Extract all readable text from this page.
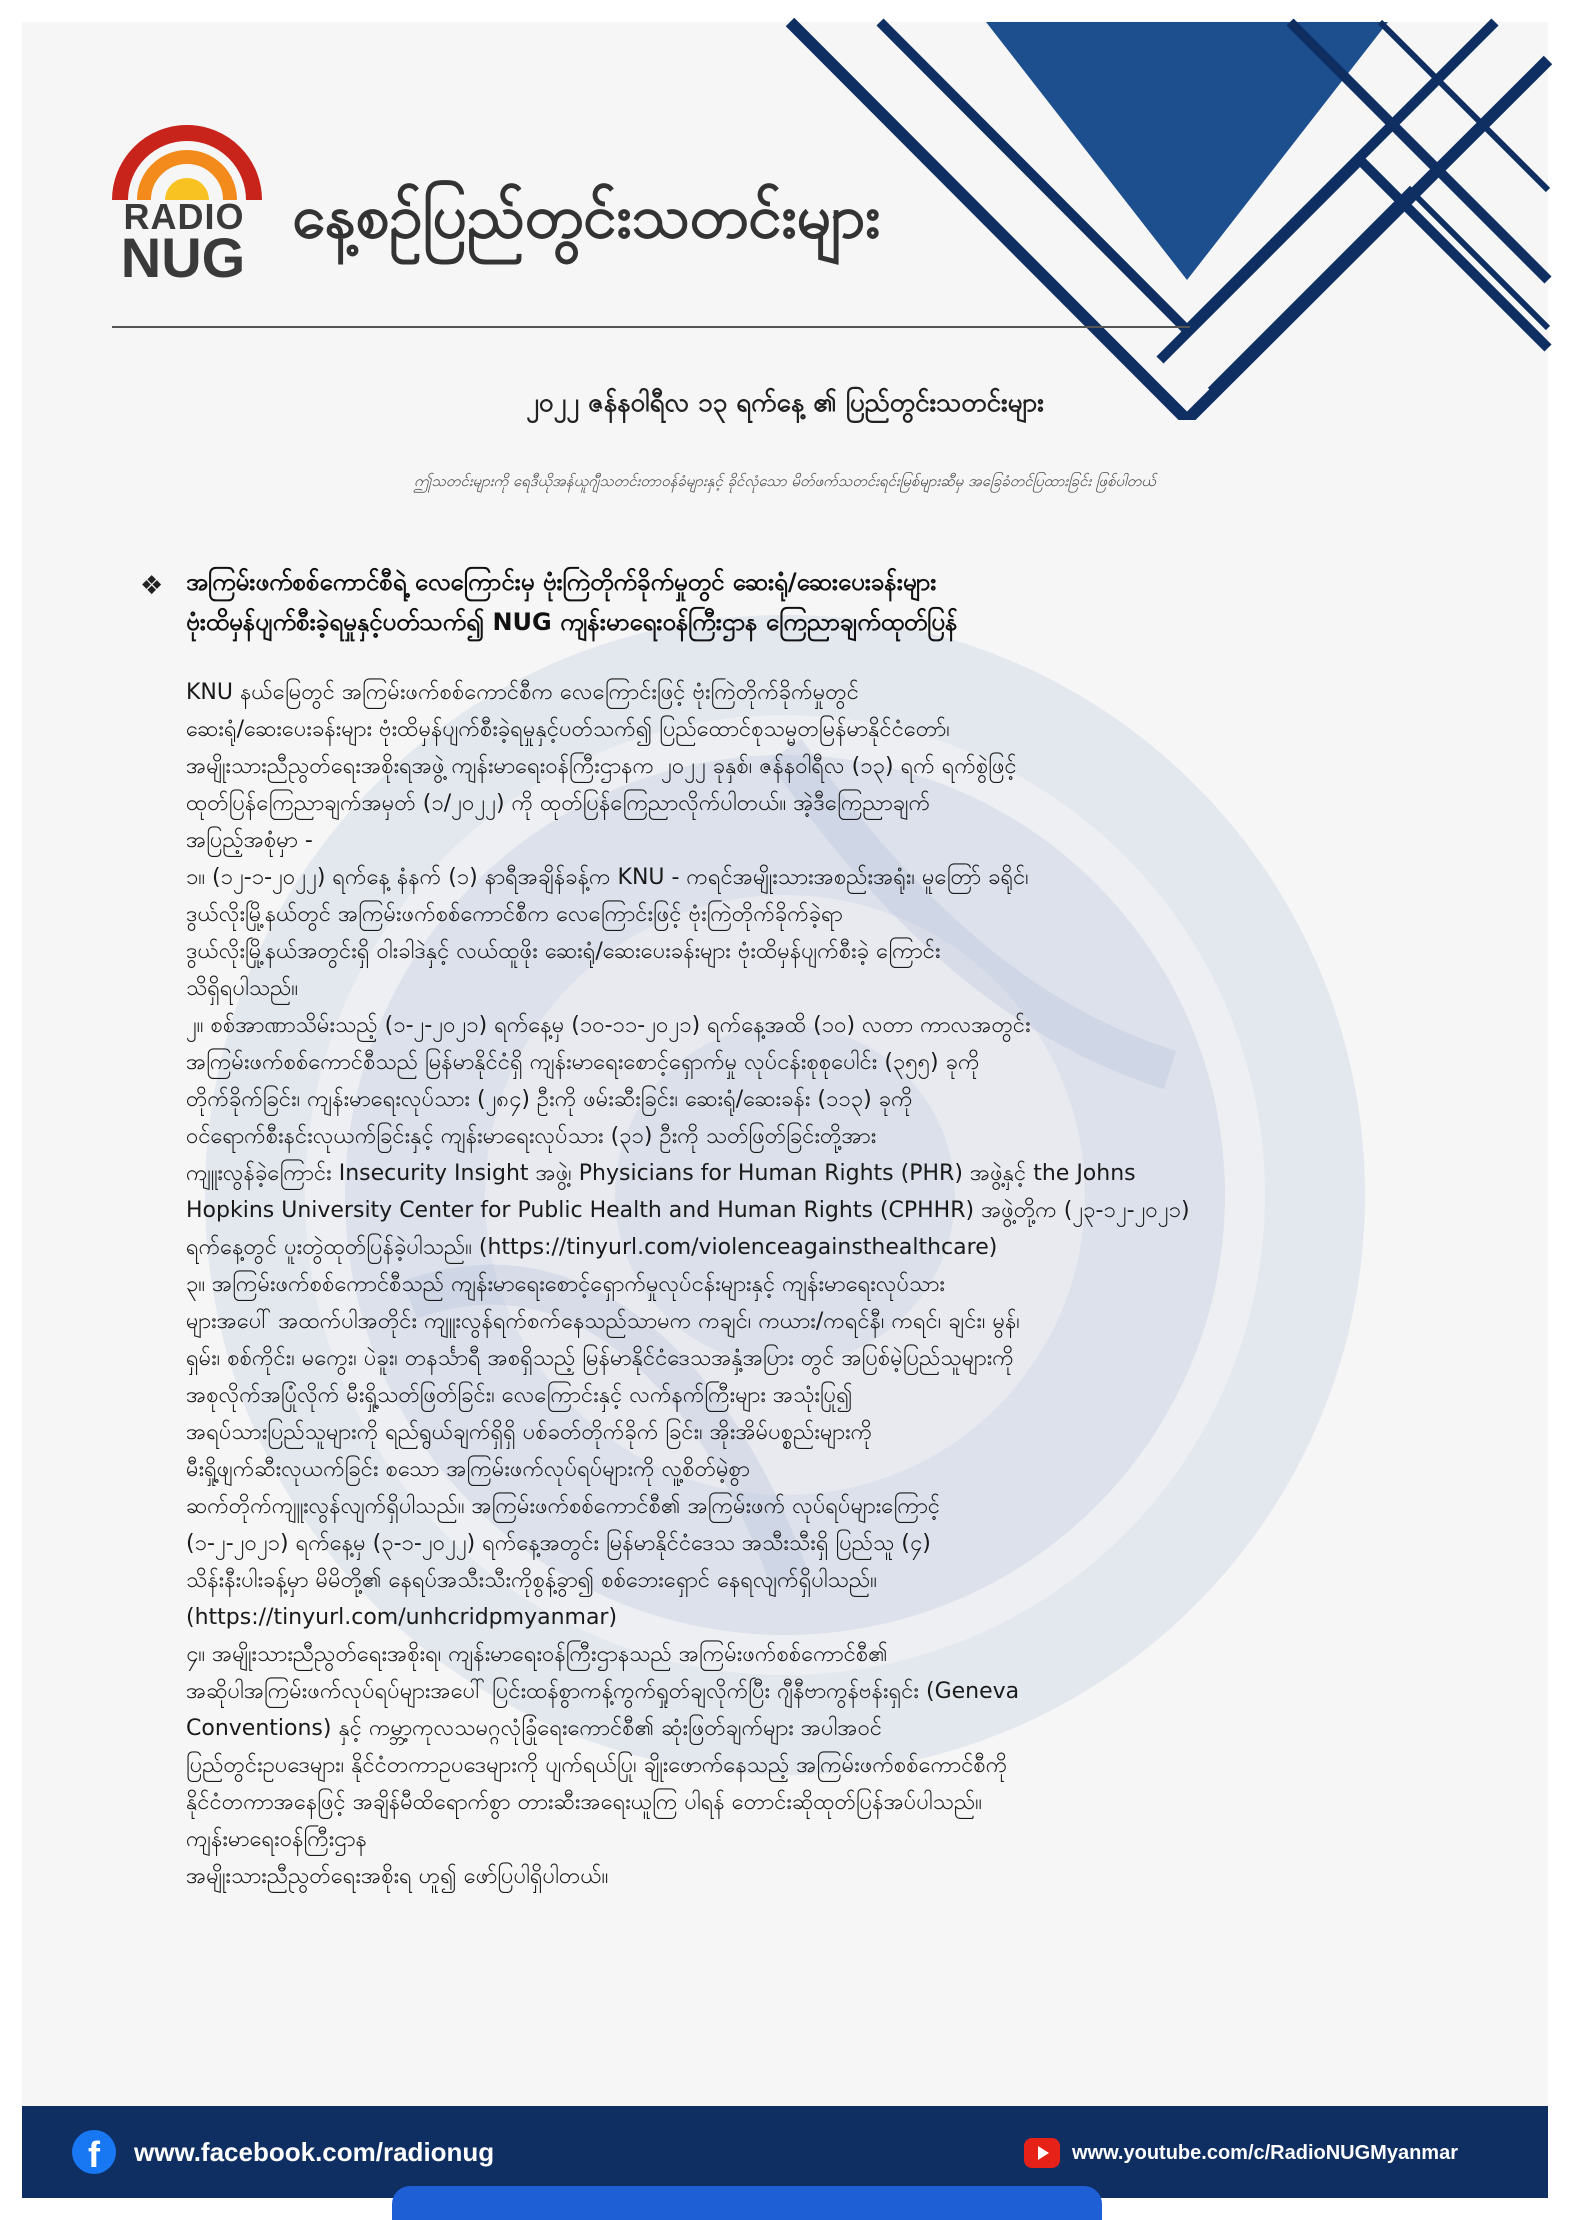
RADIO
NUG
နေ့စဉ်ပြည်တွင်းသတင်းများ
၂၀၂၂ ဇန်နဝါရီလ ၁၃ ရက်နေ့ ၏ ပြည်တွင်းသတင်းများ
ဤသတင်းများကို ရေဒီယိုအန်ယူဂျီသတင်းတာဝန်ခံများနှင့် ခိုင်လုံသော မိတ်ဖက်သတင်းရင်းမြစ်များဆီမှ အခြေခံတင်ပြထားခြင်း ဖြစ်ပါတယ်
❖ အကြမ်းဖက်စစ်ကောင်စီရဲ့ လေကြောင်းမှ ဗုံးကြဲတိုက်ခိုက်မှုတွင် ဆေးရုံ/ဆေးပေးခန်းများ
ဗုံးထိမှန်ပျက်စီးခဲ့ရမှုနှင့်ပတ်သက်၍ NUG ကျန်းမာရေးဝန်ကြီးဌာန ကြေညာချက်ထုတ်ပြန်

KNU နယ်မြေတွင် အကြမ်းဖက်စစ်ကောင်စီက လေကြောင်းဖြင့် ဗုံးကြဲတိုက်ခိုက်မှုတွင်

ဆေးရုံ/ဆေးပေးခန်းများ ဗုံးထိမှန်ပျက်စီးခဲ့ရမှုနှင့်ပတ်သက်၍ ပြည်ထောင်စုသမ္မတမြန်မာနိုင်ငံတော်၊

အမျိုးသားညီညွတ်ရေးအစိုးရအဖွဲ့ ကျန်းမာရေးဝန်ကြီးဌာနက ၂၀၂၂ ခုနှစ်၊ ဇန်နဝါရီလ (၁၃) ရက် ရက်စွဲဖြင့်

ထုတ်ပြန်ကြေညာချက်အမှတ် (၁/၂၀၂၂) ကို ထုတ်ပြန်ကြေညာလိုက်ပါတယ်။ အဲ့ဒီကြေညာချက်

အပြည့်အစုံမှာ -

၁။ (၁၂-၁-၂၀၂၂) ရက်နေ့ နံနက် (၁) နာရီအချိန်ခန့်က KNU - ကရင်အမျိုးသားအစည်းအရုံး၊ မူတြော် ခရိုင်၊

ဒွယ်လိုးမြို့နယ်တွင် အကြမ်းဖက်စစ်ကောင်စီက လေကြောင်းဖြင့် ဗုံးကြဲတိုက်ခိုက်ခဲ့ရာ

ဒွယ်လိုးမြို့နယ်အတွင်းရှိ ဝါးခါဒဲနှင့် လယ်ထူဖိုး ဆေးရုံ/ဆေးပေးခန်းများ ဗုံးထိမှန်ပျက်စီးခဲ့ ကြောင်း

သိရှိရပါသည်။

၂။ စစ်အာဏာသိမ်းသည့် (၁-၂-၂၀၂၁) ရက်နေ့မှ (၁၀-၁၁-၂၀၂၁) ရက်နေ့အထိ (၁၀) လတာ ကာလအတွင်း

အကြမ်းဖက်စစ်ကောင်စီသည် မြန်မာနိုင်ငံရှိ ကျန်းမာရေးစောင့်ရှောက်မှု လုပ်ငန်းစုစုပေါင်း (၃၅၅) ခုကို

တိုက်ခိုက်ခြင်း၊ ကျန်းမာရေးလုပ်သား (၂၈၄) ဦးကို ဖမ်းဆီးခြင်း၊ ဆေးရုံ/ဆေးခန်း (၁၁၃) ခုကို

ဝင်ရောက်စီးနင်းလုယက်ခြင်းနှင့် ကျန်းမာရေးလုပ်သား (၃၁) ဦးကို သတ်ဖြတ်ခြင်းတို့အား

ကျူးလွန်ခဲ့ကြောင်း Insecurity Insight အဖွဲ့၊ Physicians for Human Rights (PHR) အဖွဲ့နှင့် the Johns

Hopkins University Center for Public Health and Human Rights (CPHHR) အဖွဲ့တို့က (၂၃-၁၂-၂၀၂၁)

ရက်နေ့တွင် ပူးတွဲထုတ်ပြန်ခဲ့ပါသည်။ (https://tinyurl.com/violenceagainsthealthcare)

၃။ အကြမ်းဖက်စစ်ကောင်စီသည် ကျန်းမာရေးစောင့်ရှောက်မှုလုပ်ငန်းများနှင့် ကျန်းမာရေးလုပ်သား

များအပေါ် အထက်ပါအတိုင်း ကျူးလွန်ရက်စက်နေသည်သာမက ကချင်၊ ကယား/ကရင်နီ၊ ကရင်၊ ချင်း၊ မွန်၊

ရှမ်း၊ စစ်ကိုင်း၊ မကွေး၊ ပဲခူး၊ တနင်္သာရီ အစရှိသည့် မြန်မာနိုင်ငံဒေသအနှံ့အပြား တွင် အပြစ်မဲ့ပြည်သူများကို

အစုလိုက်အပြုံလိုက် မီးရှို့သတ်ဖြတ်ခြင်း၊ လေကြောင်းနှင့် လက်နက်ကြီးများ အသုံးပြု၍

အရပ်သားပြည်သူများကို ရည်ရွယ်ချက်ရှိရှိ ပစ်ခတ်တိုက်ခိုက် ခြင်း၊ အိုးအိမ်ပစ္စည်းများကို

မီးရှို့ဖျက်ဆီးလုယက်ခြင်း စသော အကြမ်းဖက်လုပ်ရပ်များကို လူ့စိတ်မဲ့စွာ

ဆက်တိုက်ကျူးလွန်လျက်ရှိပါသည်။ အကြမ်းဖက်စစ်ကောင်စီ၏ အကြမ်းဖက် လုပ်ရပ်များကြောင့်

(၁-၂-၂၀၂၁) ရက်နေ့မှ (၃-၁-၂၀၂၂) ရက်နေ့အတွင်း မြန်မာနိုင်ငံဒေသ အသီးသီးရှိ ပြည်သူ (၄)

သိန်းနီးပါးခန့်မှာ မိမိတို့၏ နေရပ်အသီးသီးကိုစွန့်ခွာ၍ စစ်ဘေးရှောင် နေရလျက်ရှိပါသည်။

(https://tinyurl.com/unhcridpmyanmar)

၄။ အမျိုးသားညီညွတ်ရေးအစိုးရ၊ ကျန်းမာရေးဝန်ကြီးဌာနသည် အကြမ်းဖက်စစ်ကောင်စီ၏

အဆိုပါအကြမ်းဖက်လုပ်ရပ်များအပေါ် ပြင်းထန်စွာကန့်ကွက်ရှုတ်ချလိုက်ပြီး ဂျီနီဗာကွန်ဗန်းရှင်း (Geneva

Conventions) နှင့် ကမ္ဘာ့ကုလသမဂ္ဂလုံခြုံရေးကောင်စီ၏ ဆုံးဖြတ်ချက်များ အပါအဝင်

ပြည်တွင်းဥပဒေများ၊ နိုင်ငံတကာဥပဒေများကို ပျက်ရယ်ပြု၊ ချိုးဖောက်နေသည့် အကြမ်းဖက်စစ်ကောင်စီကို

နိုင်ငံတကာအနေဖြင့် အချိန်မီထိရောက်စွာ တားဆီးအရေးယူကြ ပါရန် တောင်းဆိုထုတ်ပြန်အပ်ပါသည်။

ကျန်းမာရေးဝန်ကြီးဌာန

အမျိုးသားညီညွတ်ရေးအစိုးရ ဟူ၍ ဖော်ပြပါရှိပါတယ်။

f	www.facebook.com/radionug	www.youtube.com/c/RadioNUGMyanmar
